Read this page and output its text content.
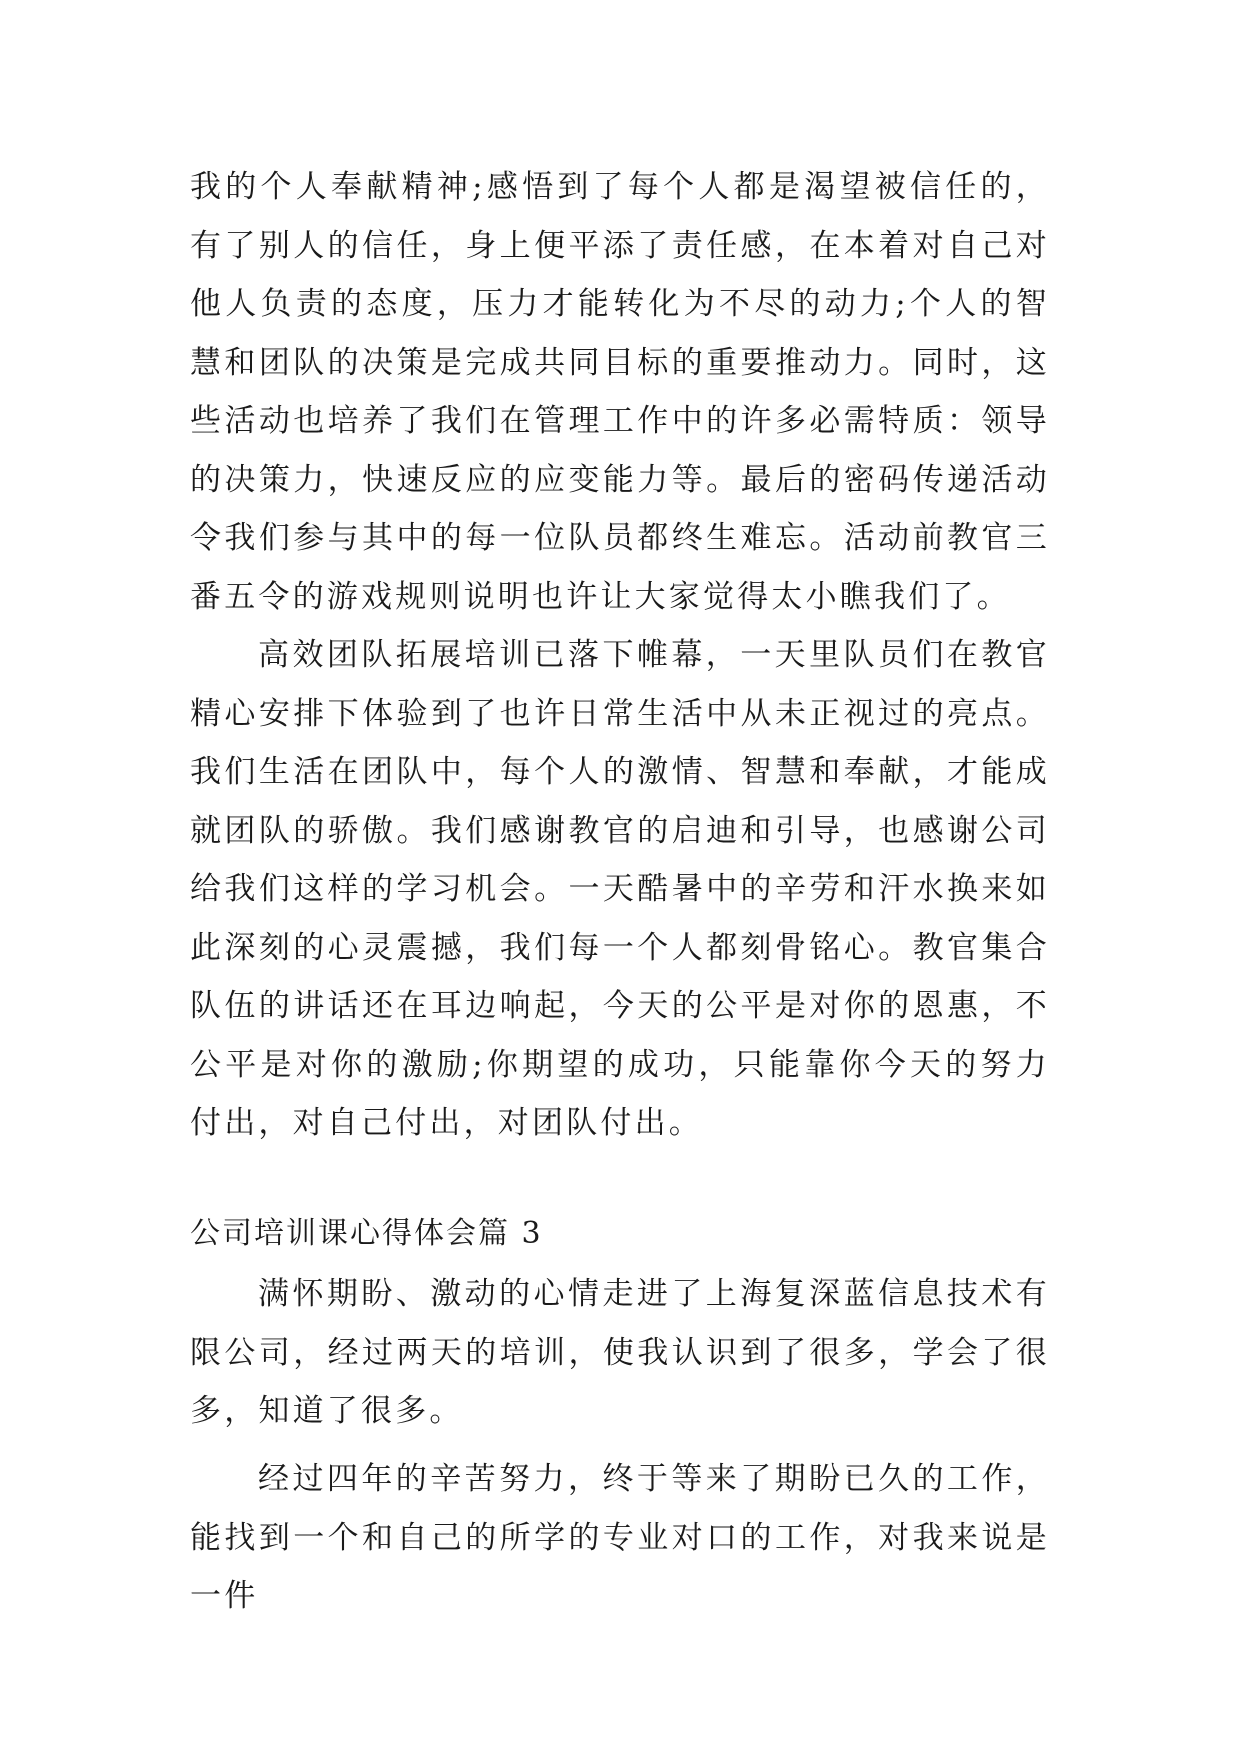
我的个人奉献精神;感悟到了每个人都是渴望被信任的，有了别人的信任，身上便平添了责任感，在本着对自己对他人负责的态度，压力才能转化为不尽的动力;个人的智慧和团队的决策是完成共同目标的重要推动力。同时，这些活动也培养了我们在管理工作中的许多必需特质：领导的决策力，快速反应的应变能力等。最后的密码传递活动令我们参与其中的每一位队员都终生难忘。活动前教官三番五令的游戏规则说明也许让大家觉得太小瞧我们了。

高效团队拓展培训已落下帷幕，一天里队员们在教官精心安排下体验到了也许日常生活中从未正视过的亮点。我们生活在团队中，每个人的激情、智慧和奉献，才能成就团队的骄傲。我们感谢教官的启迪和引导，也感谢公司给我们这样的学习机会。一天酷暑中的辛劳和汗水换来如此深刻的心灵震撼，我们每一个人都刻骨铭心。教官集合队伍的讲话还在耳边响起，今天的公平是对你的恩惠，不公平是对你的激励;你期望的成功，只能靠你今天的努力付出，对自己付出，对团队付出。

公司培训课心得体会篇 3

满怀期盼、激动的心情走进了上海复深蓝信息技术有限公司，经过两天的培训，使我认识到了很多，学会了很多，知道了很多。

经过四年的辛苦努力，终于等来了期盼已久的工作，能找到一个和自己的所学的专业对口的工作，对我来说是一件
